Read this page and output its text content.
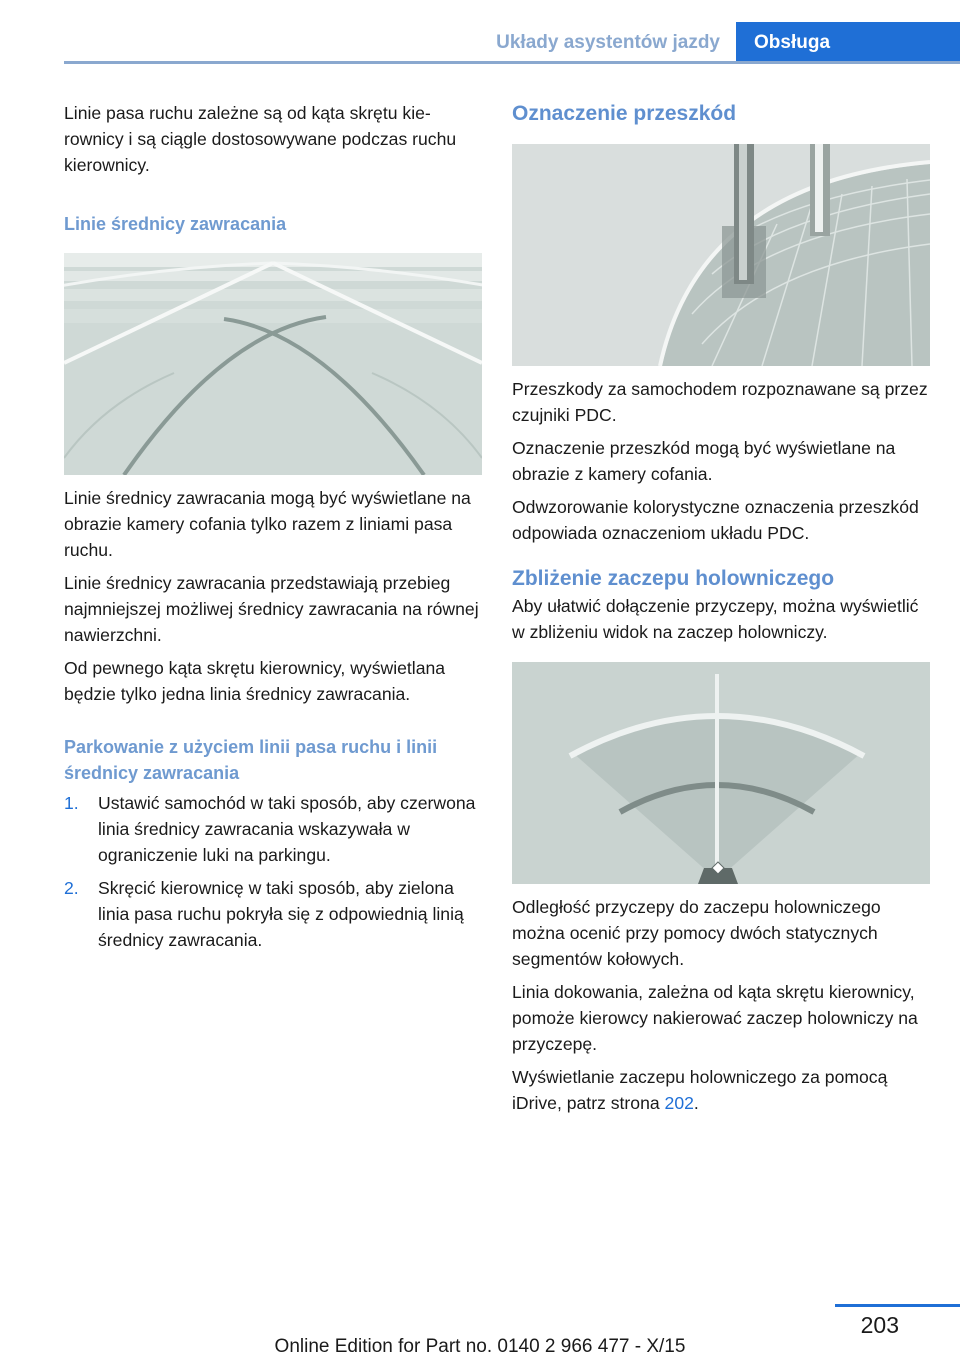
Układy asystentów jazdy	Obsługa

Linie pasa ruchu zależne są od kąta skrętu kierownicy i są ciągle dostosowywane podczas ruchu kierownicy.

Linie średnicy zawracania

Linie średnicy zawracania mogą być wyświetlane na obrazie kamery cofania tylko razem z liniami pasa ruchu.

Linie średnicy zawracania przedstawiają przebieg najmniejszej możliwej średnicy zawracania na równej nawierzchni.

Od pewnego kąta skrętu kierownicy, wyświetlana będzie tylko jedna linia średnicy zawracania.

Parkowanie z użyciem linii pasa ruchu i linii średnicy zawracania
1. Ustawić samochód w taki sposób, aby czerwona linia średnicy zawracania wskazywała w ograniczenie luki na parkingu.
2. Skręcić kierownicę w taki sposób, aby zielona linia pasa ruchu pokryła się z odpowiednią linią średnicy zawracania.
Oznaczenie przeszkód

Przeszkody za samochodem rozpoznawane są przez czujniki PDC.

Oznaczenie przeszkód mogą być wyświetlane na obrazie z kamery cofania.

Odwzorowanie kolorystyczne oznaczenia przeszkód odpowiada oznaczeniom układu PDC.

Zbliżenie zaczepu holowniczego

Aby ułatwić dołączenie przyczepy, można wyświetlić w zbliżeniu widok na zaczep holowniczy.

Odległość przyczepy do zaczepu holowniczego można ocenić przy pomocy dwóch statycznych segmentów kołowych.

Linia dokowania, zależna od kąta skrętu kierownicy, pomoże kierowcy nakierować zaczep holowniczy na przyczepę.

Wyświetlanie zaczepu holowniczego za pomocą iDrive, patrz strona 202.

203
Online Edition for Part no. 0140 2 966 477 - X/15
